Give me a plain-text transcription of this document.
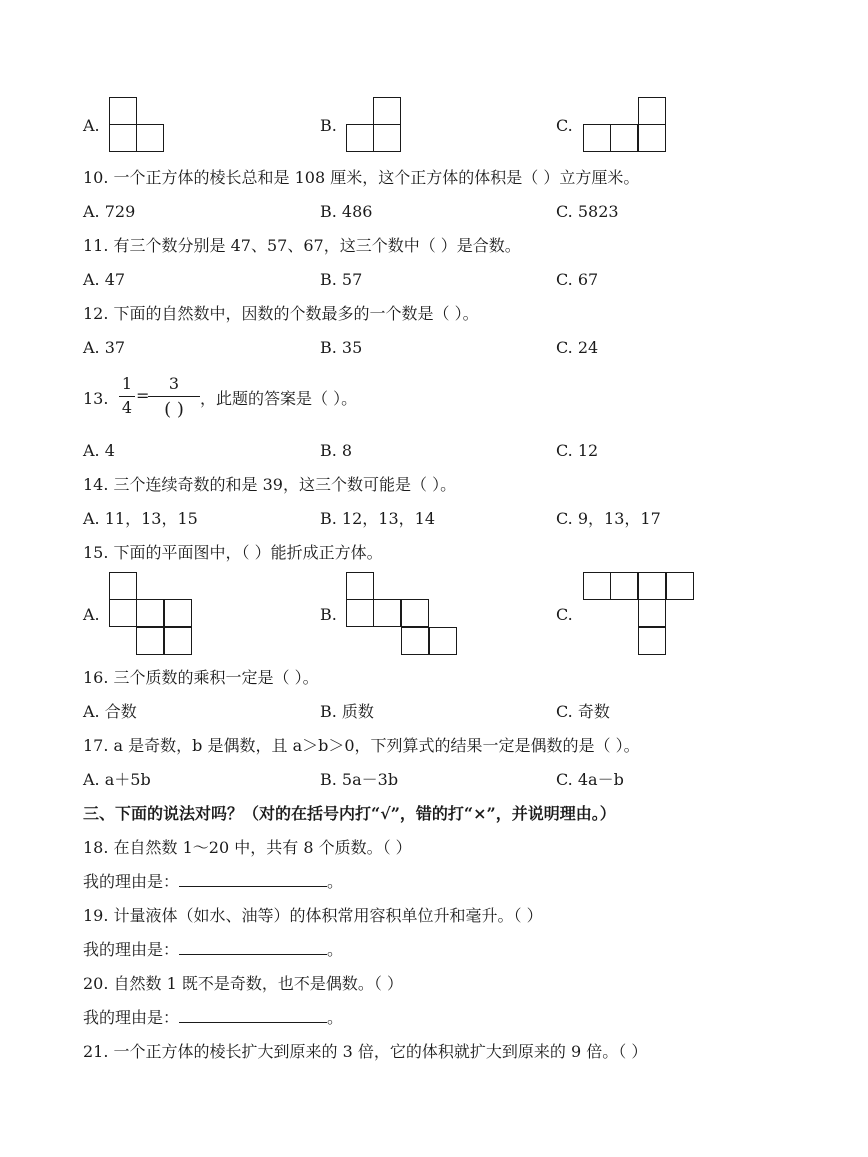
A.	B.	C.
10. 一个正方体的棱长总和是 108 厘米，这个正方体的体积是（ ）立方厘米。
A. 729	B. 486	C. 5823
11. 有三个数分别是 47、57、67，这三个数中（ ）是合数。
A. 47	B. 57	C. 67
12. 下面的自然数中，因数的个数最多的一个数是（ ）。
A. 37	B. 35	C. 24
13.
1
4
=
3
( )
，此题的答案是（ ）。
A. 4	B. 8	C. 12
14. 三个连续奇数的和是 39，这三个数可能是（ ）。
A. 11，13，15	B. 12，13，14	C. 9，13，17
15. 下面的平面图中，（ ）能折成正方体。
A.	B.	C.
16. 三个质数的乘积一定是（ ）。
A. 合数	B. 质数	C. 奇数
17. a 是奇数，b 是偶数，且 a＞b＞0，下列算式的结果一定是偶数的是（ ）。
A. a＋5b	B. 5a－3b	C. 4a－b
三、下面的说法对吗？（对的在括号内打“√”，错的打“×”，并说明理由。）
18. 在自然数 1～20 中，共有 8 个质数。（ ）
我的理由是：	。
19. 计量液体（如水、油等）的体积常用容积单位升和毫升。（ ）
我的理由是：	。
20. 自然数 1 既不是奇数，也不是偶数。（ ）
我的理由是：	。
21. 一个正方体的棱长扩大到原来的 3 倍，它的体积就扩大到原来的 9 倍。（ ）
